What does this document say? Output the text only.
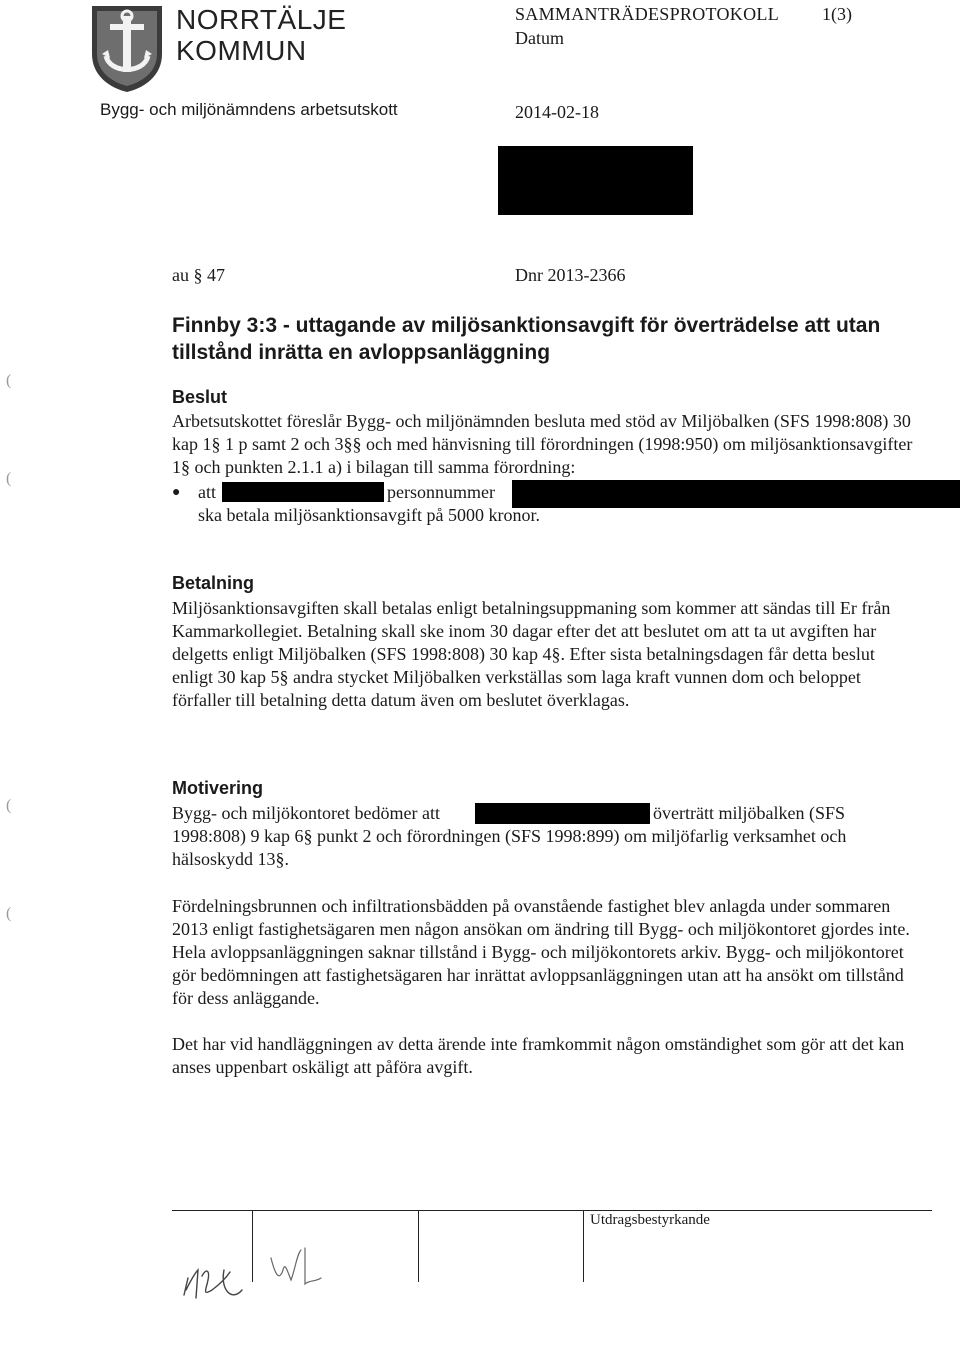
NORRTÄLJE
KOMMUN
Bygg- och miljönämndens arbetsutskott
SAMMANTRÄDESPROTOKOLL 1(3)
Datum
2014-02-18
au § 47	Dnr 2013-2366
Finnby 3:3 - uttagande av miljösanktionsavgift för överträdelse att utan tillstånd inrätta en avloppsanläggning
Beslut
Arbetsutskottet föreslår Bygg- och miljönämnden besluta med stöd av Miljöbalken (SFS 1998:808) 30 kap 1§ 1 p samt 2 och 3§§ och med hänvisning till förordningen (1998:950) om miljösanktionsavgifter 1§ och punkten 2.1.1 a) i bilagan till samma förordning:
● att	personnummer
ska betala miljösanktionsavgift på 5000 kronor.
Betalning
Miljösanktionsavgiften skall betalas enligt betalningsuppmaning som kommer att sändas till Er från Kammarkollegiet. Betalning skall ske inom 30 dagar efter det att beslutet om att ta ut avgiften har delgetts enligt Miljöbalken (SFS 1998:808) 30 kap 4§. Efter sista betalningsdagen får detta beslut enligt 30 kap 5§ andra stycket Miljöbalken verkställas som laga kraft vunnen dom och beloppet förfaller till betalning detta datum även om beslutet överklagas.
Motivering
Bygg- och miljökontoret bedömer att	överträtt miljöbalken (SFS
1998:808) 9 kap 6§ punkt 2 och förordningen (SFS 1998:899) om miljöfarlig verksamhet och hälsoskydd 13§.
Fördelningsbrunnen och infiltrationsbädden på ovanstående fastighet blev anlagda under sommaren 2013 enligt fastighetsägaren men någon ansökan om ändring till Bygg- och miljökontoret gjordes inte. Hela avloppsanläggningen saknar tillstånd i Bygg- och miljökontorets arkiv. Bygg- och miljökontoret gör bedömningen att fastighetsägaren har inrättat avloppsanläggningen utan att ha ansökt om tillstånd för dess anläggande.
Det har vid handläggningen av detta ärende inte framkommit någon omständighet som gör att det kan anses uppenbart oskäligt att påföra avgift.
(
(
(
(
Utdragsbestyrkande
